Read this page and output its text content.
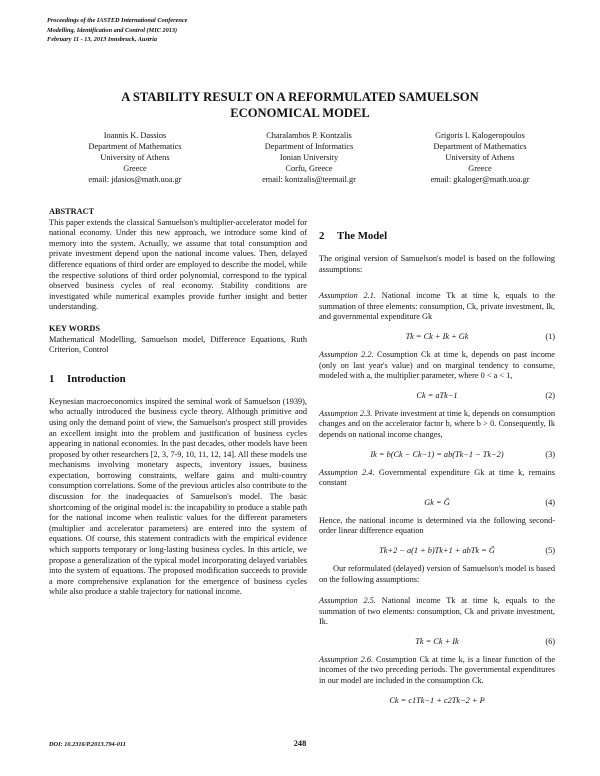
Proceedings of the IASTED International Conference
Modelling, Identification and Control (MIC 2013)
February 11 - 13, 2013 Innsbruck, Austria
A STABILITY RESULT ON A REFORMULATED SAMUELSON
ECONOMICAL MODEL
Ioannis K. Dassios
Department of Mathematics
University of Athens
Greece
email: jdasios@math.uoa.gr
Charalambos P. Kontzalis
Department of Informatics
Ionian University
Corfu, Greece
email: kontzalis@teemail.gr
Grigoris I. Kalogeropoulos
Department of Mathematics
University of Athens
Greece
email: gkaloger@math.uoa.gr
ABSTRACT

This paper extends the classical Samuelson's multiplier-accelerator model for national economy. Under this new approach, we introduce some kind of memory into the system. Actually, we assume that total consumption and private investment depend upon the national income values. Then, delayed difference equations of third order are employed to describe the model, while the respective solutions of third order polynomial, correspond to the typical observed business cycles of real economy. Stability conditions are investigated while numerical examples provide further insight and better understanding.

KEY WORDS

Mathematical Modelling, Samuelson model, Difference Equations, Ruth Criterion, Control

1 Introduction

Keynesian macroeconomics inspired the seminal work of Samuelson (1939), who actually introduced the business cycle theory. Although primitive and using only the demand point of view, the Samuelson's prospect still provides an excellent insight into the problem and justification of business cycles appearing in national economies. In the past decades, other models have been proposed by other researchers [2, 3, 7-9, 10, 11, 12, 14]. All these models use mechanisms involving monetary aspects, inventory issues, business expectation, borrowing constraints, welfare gains and multi-country consumption correlations. Some of the previous articles also contribute to the discussion for the inadequacies of Samuelson's model. The basic shortcoming of the original model is: the incapability to produce a stable path for the national income when realistic values for the different parameters (multiplier and accelerator parameters) are entered into the system of equations. Of course, this statement contradicts with the empirical evidence which supports temporary or long-lasting business cycles. In this article, we propose a generalization of the typical model incorporating delayed variables into the system of equations. The proposed modification succeeds to provide a more comprehensive explanation for the emergence of business cycles while also produce a stable trajectory for national income.

2 The Model

The original version of Samuelson's model is based on the following assumptions:

Assumption 2.1. National income Tk at time k, equals to the summation of three elements: consumption, Ck, private investment, Ik, and governmental expenditure Gk

Tk = Ck + Ik + Gk	(1)

Assumption 2.2. Cosumption Ck at time k, depends on past income (only on last year's value) and on marginal tendency to consume, modeled with a, the multiplier parameter, where 0 < a < 1,

Ck = aTk−1	(2)

Assumption 2.3. Private investment at time k, depends on consumption changes and on the accelerator factor b, where b > 0. Consequently, Ik depends on national income changes,

Ik = b(Ck − Ck−1) = ab(Tk−1 − Tk−2)	(3)

Assumption 2.4. Governmental expenditure Gk at time k, remains constant

Gk = Ḡ	(4)

Hence, the national income is determined via the following second-order linear difference equation

Tk+2 − a(1 + b)Tk+1 + abTk = Ḡ	(5)

Our reformulated (delayed) version of Samuelson's model is based on the following assumptions:

Assumption 2.5. National income Tk at time k, equals to the summation of two elements: consumption, Ck and private investment, Ik.

Tk = Ck + Ik	(6)

Assumption 2.6. Cosumption Ck at time k, is a linear function of the incomes of the two preceding periods. The governmental expenditures in our model are included in the consumption Ck.

Ck = c1Tk−1 + c2Tk−2 + P
DOI: 10.2316/P.2013.794-011	248
